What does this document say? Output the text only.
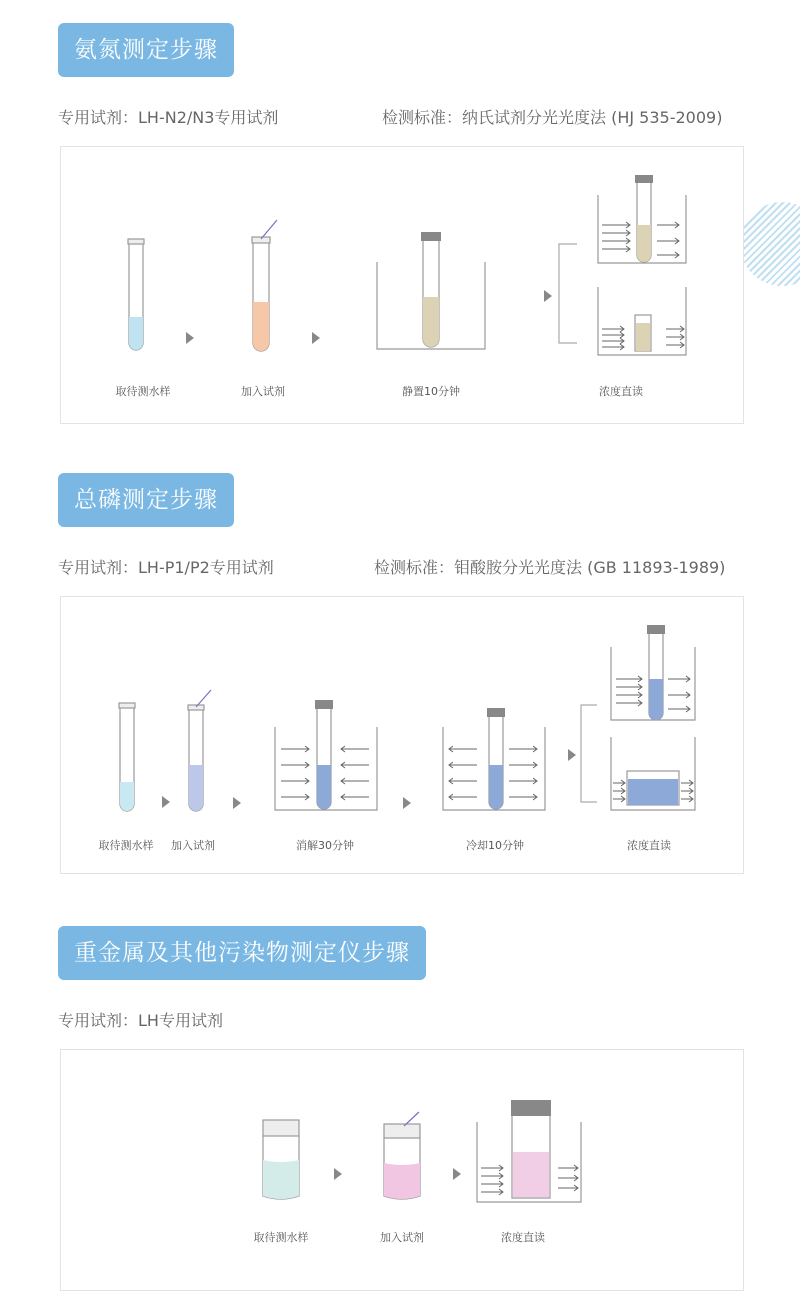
氨氮测定步骤
专用试剂：LH-N2/N3专用试剂	检测标准：纳氏试剂分光光度法 (HJ 535-2009)
取待测水样	加入试剂	静置10分钟	浓度直读
总磷测定步骤
专用试剂：LH-P1/P2专用试剂	检测标准：钼酸胺分光光度法 (GB 11893-1989)
取待测水样 加入试剂	消解30分钟	冷却10分钟	浓度直读
重金属及其他污染物测定仪步骤
专用试剂：LH专用试剂
取待测水样	加入试剂	浓度直读
